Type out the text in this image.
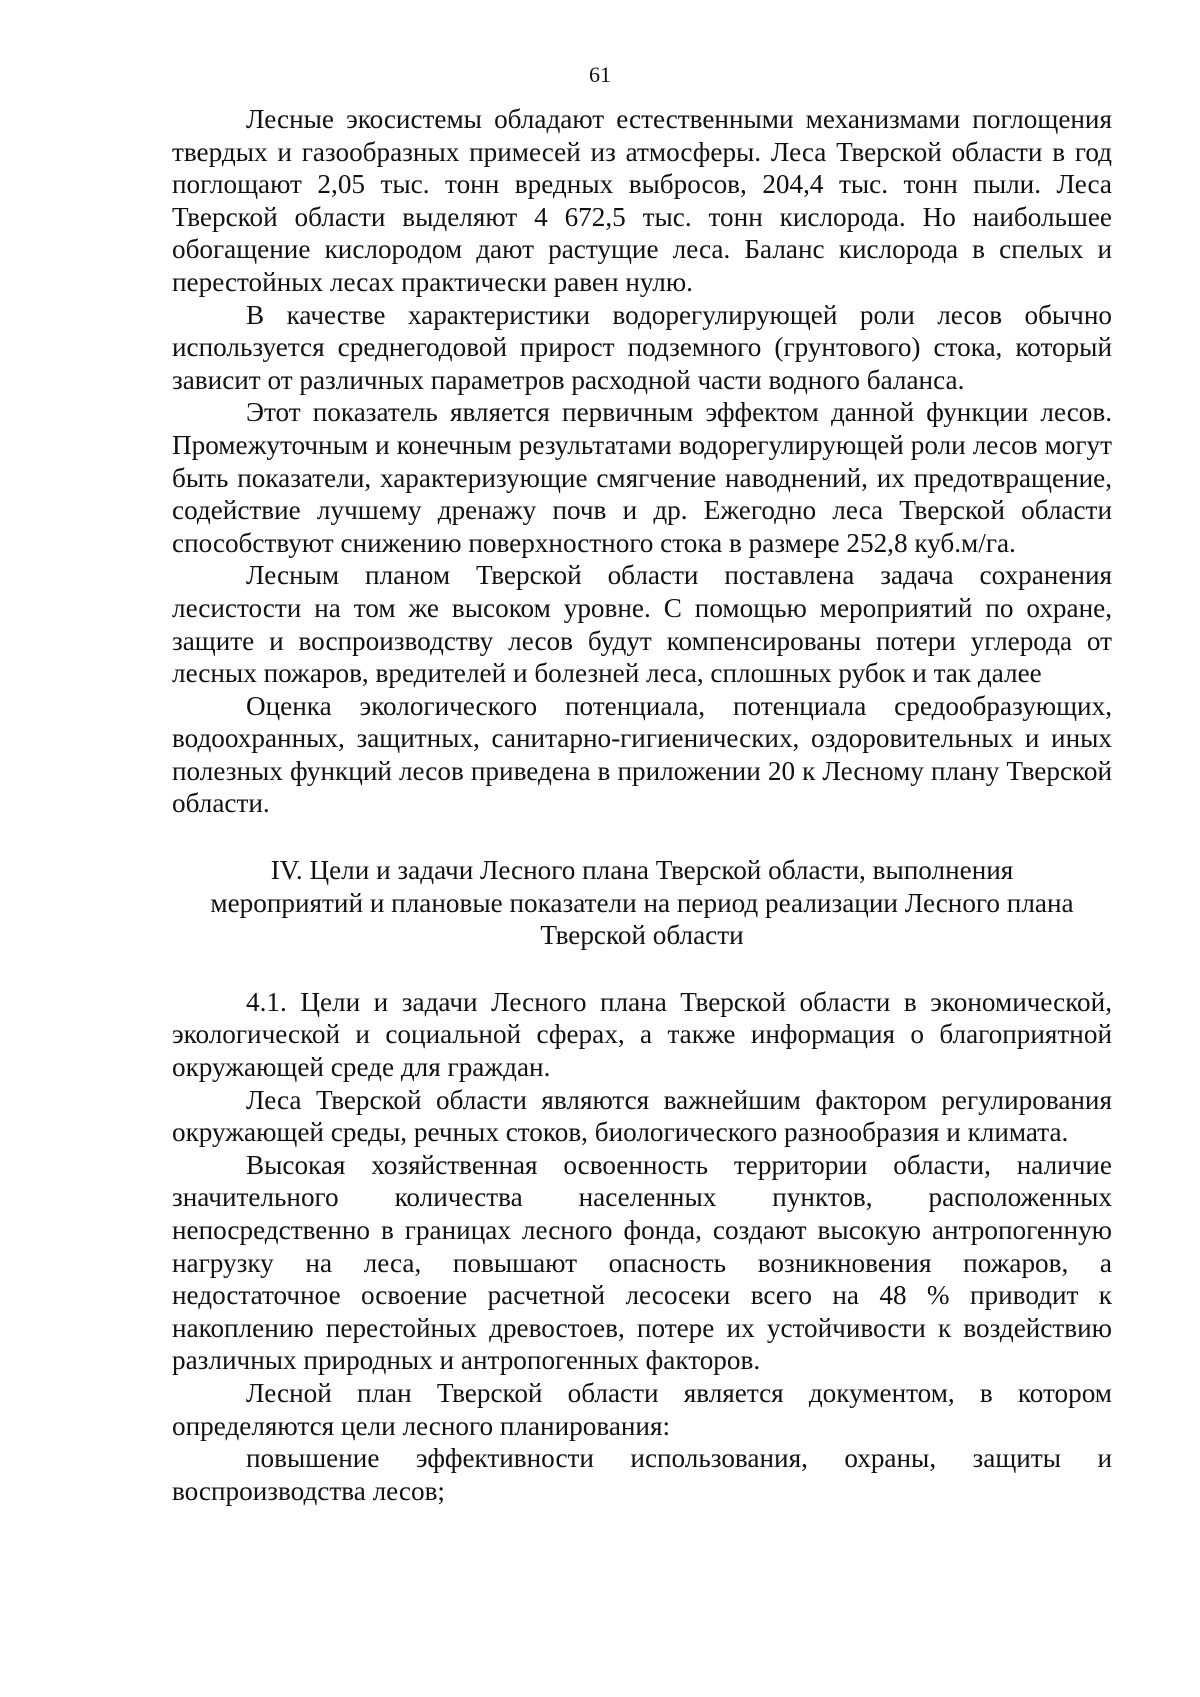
61

Лесные экосистемы обладают естественными механизмами поглощения твердых и газообразных примесей из атмосферы. Леса Тверской области в год поглощают 2,05 тыс. тонн вредных выбросов, 204,4 тыс. тонн пыли. Леса Тверской области выделяют 4 672,5 тыс. тонн кислорода. Но наибольшее обогащение кислородом дают растущие леса. Баланс кислорода в спелых и перестойных лесах практически равен нулю.

В качестве характеристики водорегулирующей роли лесов обычно используется среднегодовой прирост подземного (грунтового) стока, который зависит от различных параметров расходной части водного баланса.

Этот показатель является первичным эффектом данной функции лесов. Промежуточным и конечным результатами водорегулирующей роли лесов могут быть показатели, характеризующие смягчение наводнений, их предотвращение, содействие лучшему дренажу почв и др. Ежегодно леса Тверской области способствуют снижению поверхностного стока в размере 252,8 куб.м/га.

Лесным планом Тверской области поставлена задача сохранения лесистости на том же высоком уровне. С помощью мероприятий по охране, защите и воспроизводству лесов будут компенсированы потери углерода от лесных пожаров, вредителей и болезней леса, сплошных рубок и так далее

Оценка экологического потенциала, потенциала средообразующих, водоохранных, защитных, санитарно-гигиенических, оздоровительных и иных полезных функций лесов приведена в приложении 20 к Лесному плану Тверской области.

IV. Цели и задачи Лесного плана Тверской области, выполнения мероприятий и плановые показатели на период реализации Лесного плана Тверской области

4.1. Цели и задачи Лесного плана Тверской области в экономической, экологической и социальной сферах, а также информация о благоприятной окружающей среде для граждан.

Леса Тверской области являются важнейшим фактором регулирования окружающей среды, речных стоков, биологического разнообразия и климата.

Высокая хозяйственная освоенность территории области, наличие значительного количества населенных пунктов, расположенных непосредственно в границах лесного фонда, создают высокую антропогенную нагрузку на леса, повышают опасность возникновения пожаров, а недостаточное освоение расчетной лесосеки всего на 48 % приводит к накоплению перестойных древостоев, потере их устойчивости к воздействию различных природных и антропогенных факторов.

Лесной план Тверской области является документом, в котором определяются цели лесного планирования:

повышение эффективности использования, охраны, защиты и воспроизводства лесов;
